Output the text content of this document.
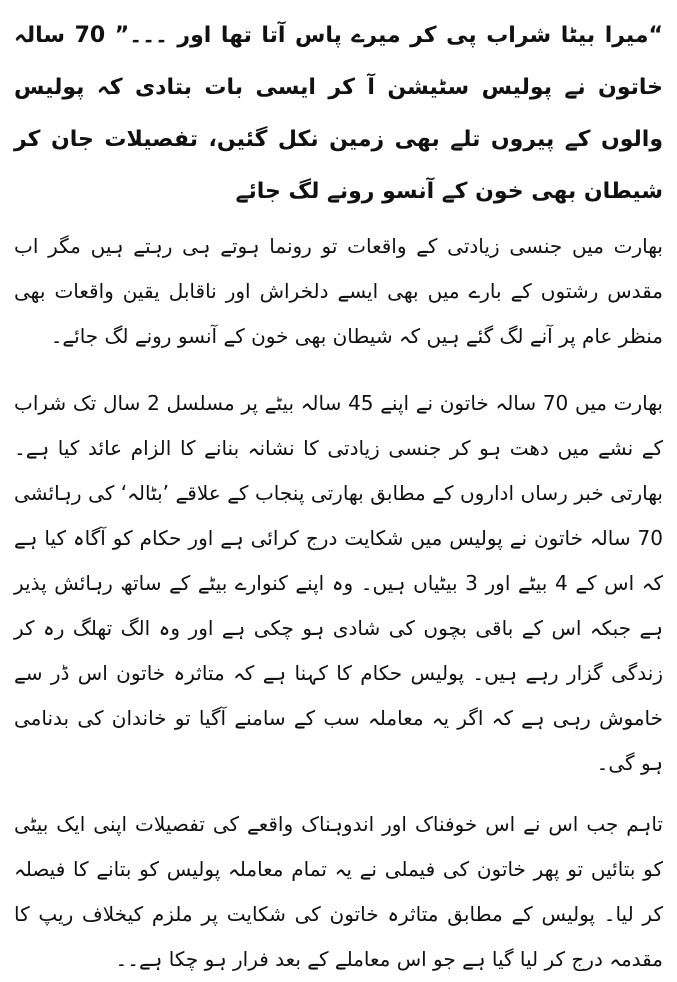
“میرا بیٹا شراب پی کر میرے پاس آتا تھا اور ۔۔۔” 70 سالہ خاتون نے پولیس سٹیشن آ کر ایسی بات بتادی کہ پولیس والوں کے پیروں تلے بھی زمین نکل گئیں، تفصیلات جان کر شیطان بھی خون کے آنسو رونے لگ جائے

بھارت میں جنسی زیادتی کے واقعات تو رونما ہوتے ہی رہتے ہیں مگر اب مقدس رشتوں کے بارے میں بھی ایسے دلخراش اور ناقابل یقین واقعات بھی منظر عام پر آنے لگ گئے ہیں کہ شیطان بھی خون کے آنسو رونے لگ جائے۔

بھارت میں 70 سالہ خاتون نے اپنے 45 سالہ بیٹے پر مسلسل 2 سال تک شراب کے نشے میں دھت ہو کر جنسی زیادتی کا نشانہ بنانے کا الزام عائد کیا ہے۔ بھارتی خبر رساں اداروں کے مطابق بھارتی پنجاب کے علاقے ’بٹالہ‘ کی رہائشی 70 سالہ خاتون نے پولیس میں شکایت درج کرائی ہے اور حکام کو آگاہ کیا ہے کہ اس کے 4 بیٹے اور 3 بیٹیاں ہیں۔ وہ اپنے کنوارے بیٹے کے ساتھ رہائش پذیر ہے جبکہ اس کے باقی بچوں کی شادی ہو چکی ہے اور وہ الگ تھلگ رہ کر زندگی گزار رہے ہیں۔ پولیس حکام کا کہنا ہے کہ متاثرہ خاتون اس ڈر سے خاموش رہی ہے کہ اگر یہ معاملہ سب کے سامنے آگیا تو خاندان کی بدنامی ہو گی۔

تاہم جب اس نے اس خوفناک اور اندوہناک واقعے کی تفصیلات اپنی ایک بیٹی کو بتائیں تو پھر خاتون کی فیملی نے یہ تمام معاملہ پولیس کو بتانے کا فیصلہ کر لیا۔ پولیس کے مطابق متاثرہ خاتون کی شکایت پر ملزم کیخلاف ریپ کا مقدمہ درج کر لیا گیا ہے جو اس معاملے کے بعد فرار ہو چکا ہے۔۔
